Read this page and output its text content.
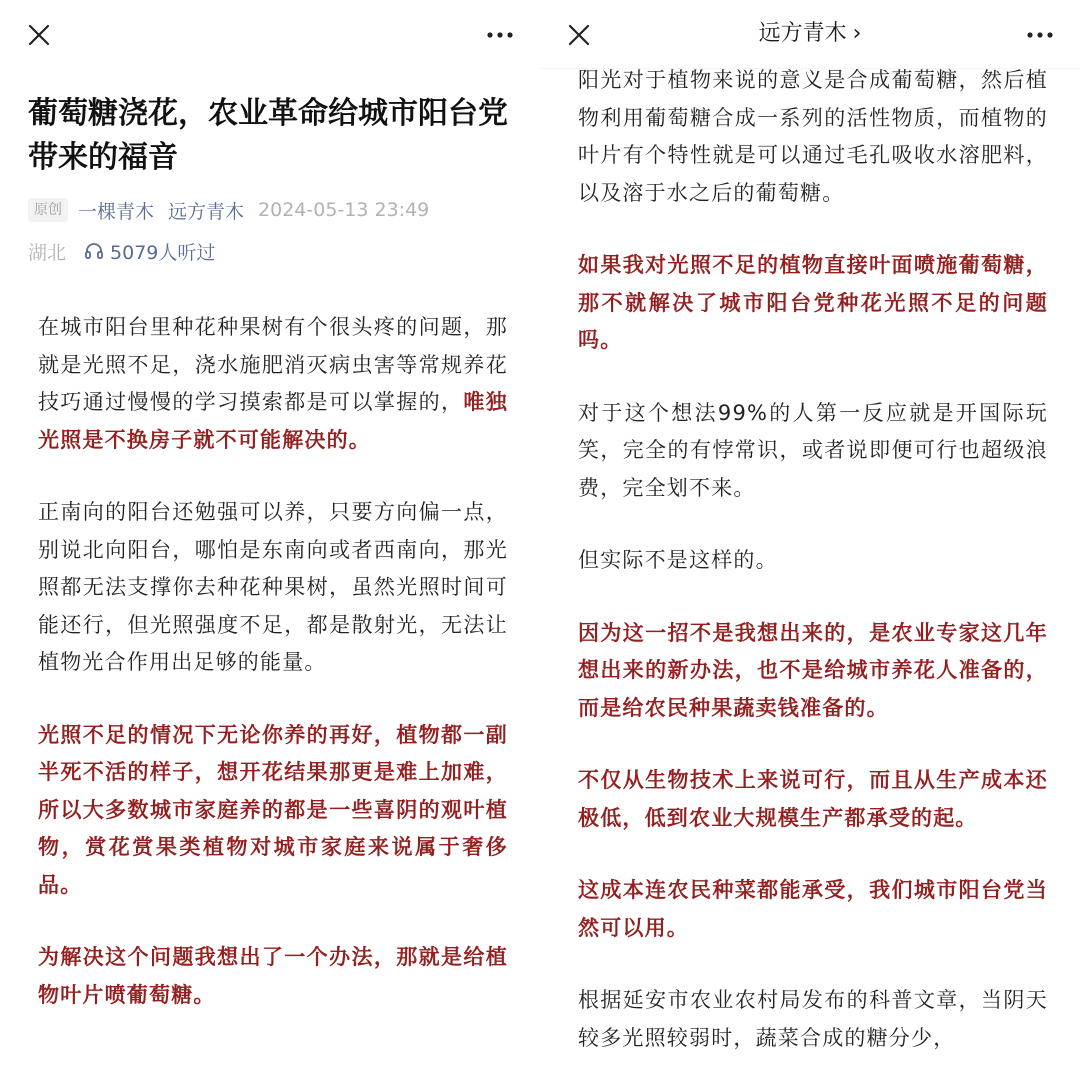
葡萄糖浇花，农业革命给城市阳台党带来的福音
原创 一棵青木 远方青木 2024-05-13 23:49
湖北 5079人听过

在城市阳台里种花种果树有个很头疼的问题，那就是光照不足，浇水施肥消灭病虫害等常规养花技巧通过慢慢的学习摸索都是可以掌握的，唯独光照是不换房子就不可能解决的。

正南向的阳台还勉强可以养，只要方向偏一点，别说北向阳台，哪怕是东南向或者西南向，那光照都无法支撑你去种花种果树，虽然光照时间可能还行，但光照强度不足，都是散射光，无法让植物光合作用出足够的能量。

光照不足的情况下无论你养的再好，植物都一副半死不活的样子，想开花结果那更是难上加难，所以大多数城市家庭养的都是一些喜阴的观叶植物，赏花赏果类植物对城市家庭来说属于奢侈品。

为解决这个问题我想出了一个办法，那就是给植物叶片喷葡萄糖。

阳光对于植物来说的意义是合成葡萄糖，然后植物利用葡萄糖合成一系列的活性物质，而植物的叶片有个特性就是可以通过毛孔吸收水溶肥料，以及溶于水之后的葡萄糖。

如果我对光照不足的植物直接叶面喷施葡萄糖，那不就解决了城市阳台党种花光照不足的问题吗。

对于这个想法99%的人第一反应就是开国际玩笑，完全的有悖常识，或者说即便可行也超级浪费，完全划不来。

但实际不是这样的。

因为这一招不是我想出来的，是农业专家这几年想出来的新办法，也不是给城市养花人准备的，而是给农民种果蔬卖钱准备的。

不仅从生物技术上来说可行，而且从生产成本还极低，低到农业大规模生产都承受的起。

这成本连农民种菜都能承受，我们城市阳台党当然可以用。

根据延安市农业农村局发布的科普文章，当阴天较多光照较弱时，蔬菜合成的糖分少，

远方青木 ›
